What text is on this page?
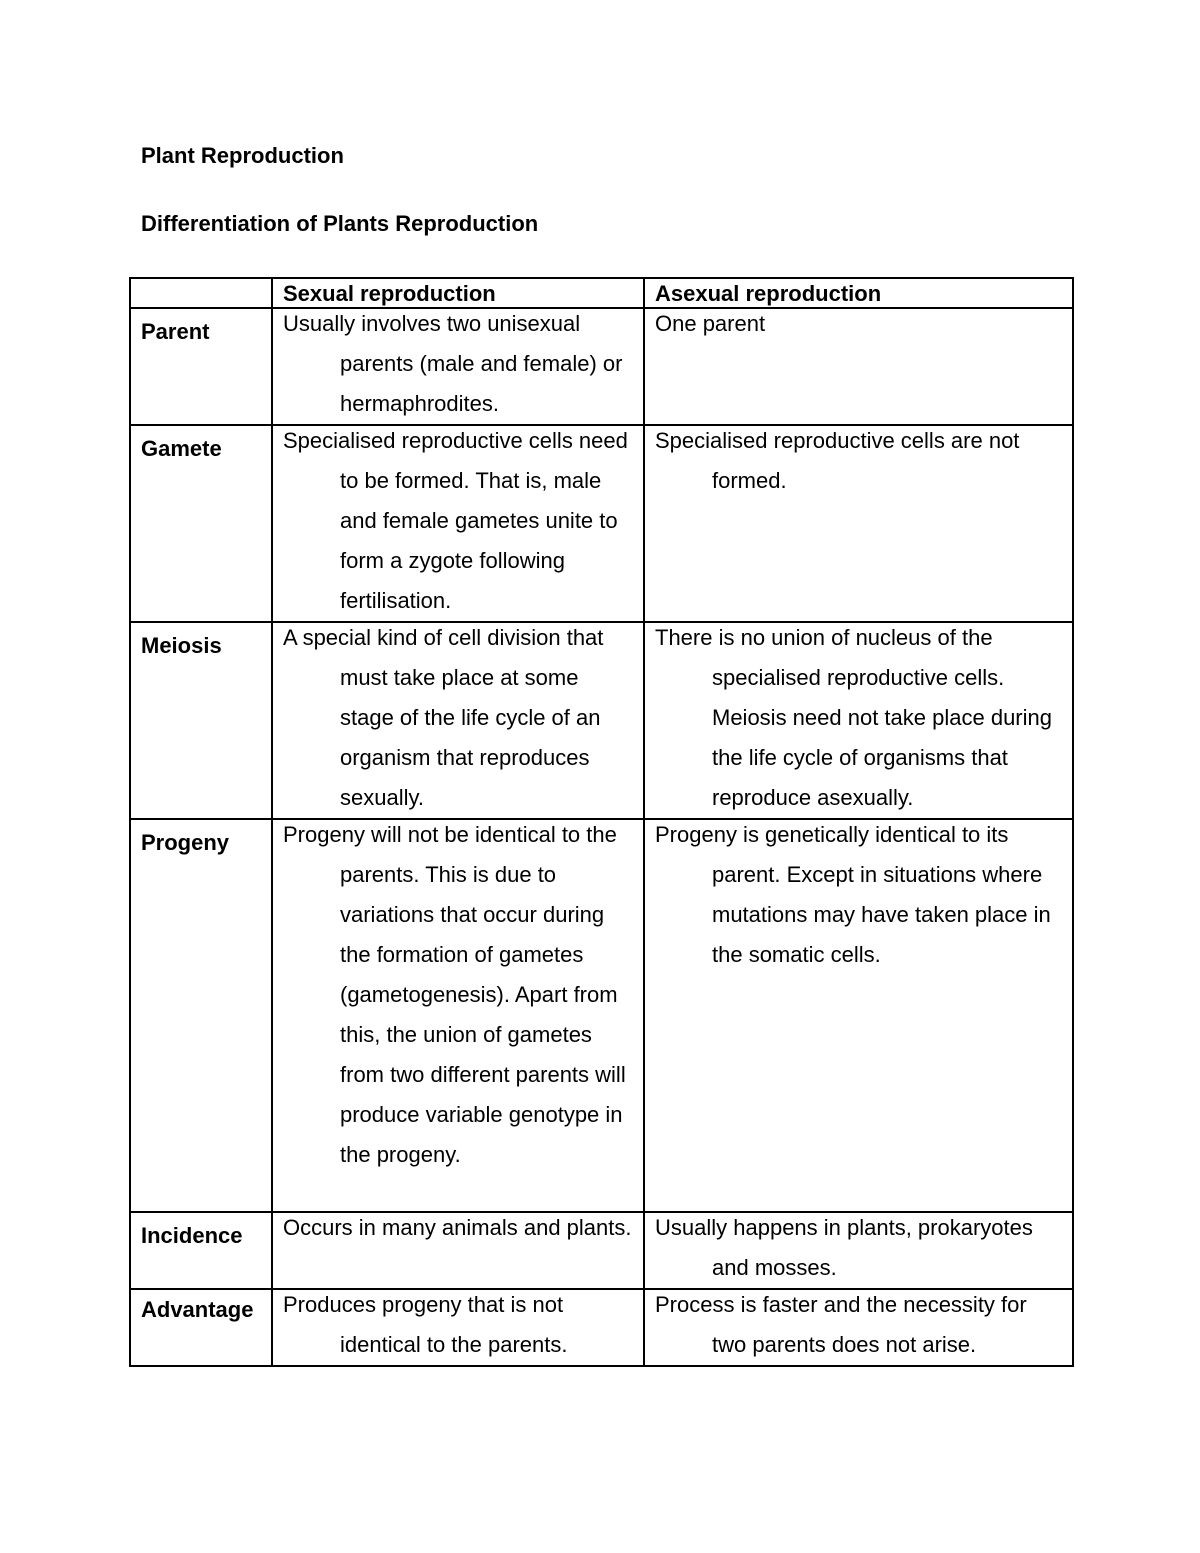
Plant Reproduction
Differentiation of Plants Reproduction
	Sexual reproduction	Asexual reproduction
Parent	Usually involves two unisexual parents (male and female) or hermaphrodites.	One parent

Gamete	Specialised reproductive cells need to be formed. That is, male and female gametes unite to form a zygote following fertilisation.	Specialised reproductive cells are not formed.

Meiosis	A special kind of cell division that must take place at some stage of the life cycle of an organism that reproduces sexually.	There is no union of nucleus of the specialised reproductive cells. Meiosis need not take place during the life cycle of organisms that reproduce asexually.

Progeny	Progeny will not be identical to the parents. This is due to variations that occur during the formation of gametes (gametogenesis). Apart from this, the union of gametes from two different parents will produce variable genotype in the progeny.	Progeny is genetically identical to its parent. Except in situations where mutations may have taken place in the somatic cells.

Incidence	Occurs in many animals and plants.	Usually happens in plants, prokaryotes and mosses.

Advantage	Produces progeny that is not identical to the parents.	Process is faster and the necessity for two parents does not arise.
